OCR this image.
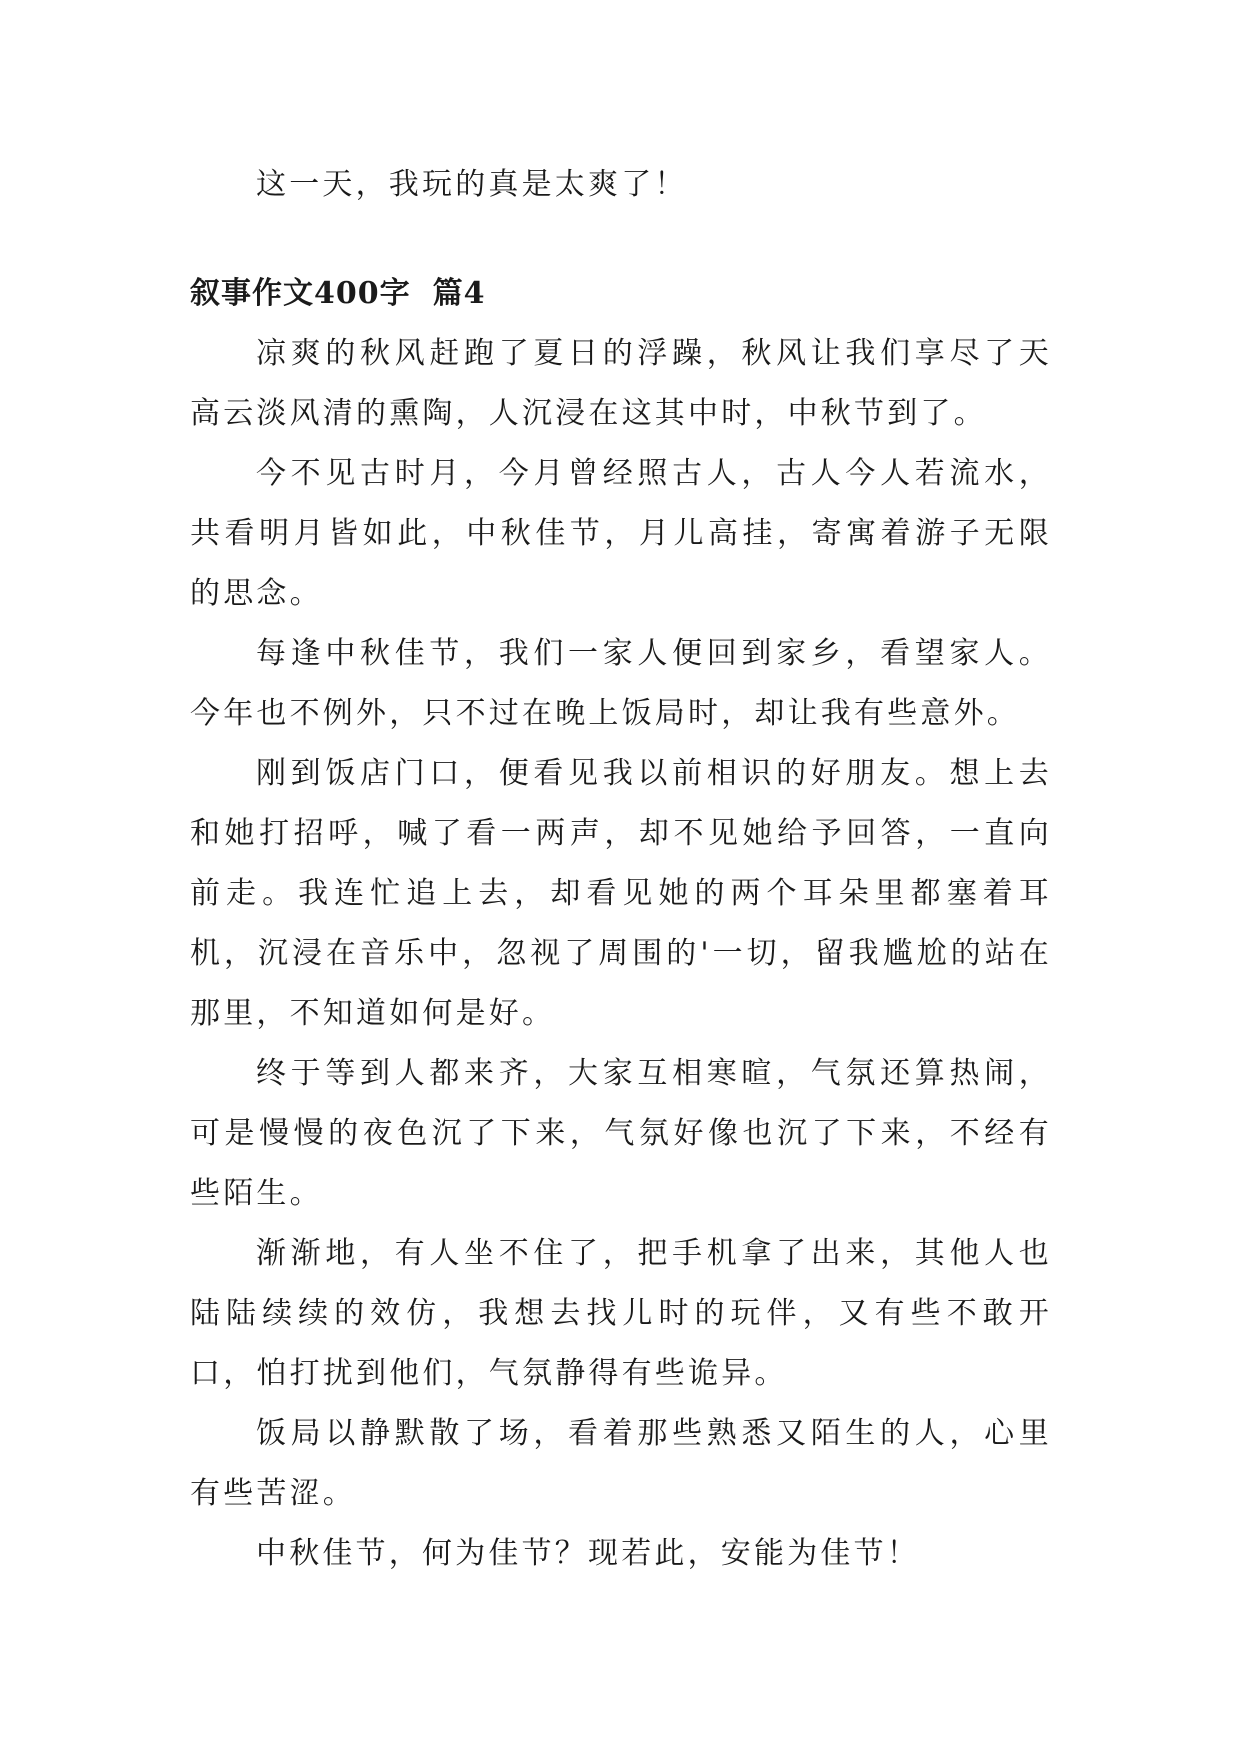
这一天，我玩的真是太爽了！

叙事作文400字 篇4

凉爽的秋风赶跑了夏日的浮躁，秋风让我们享尽了天高云淡风清的熏陶，人沉浸在这其中时，中秋节到了。

今不见古时月，今月曾经照古人，古人今人若流水，共看明月皆如此，中秋佳节，月儿高挂，寄寓着游子无限的思念。

每逢中秋佳节，我们一家人便回到家乡，看望家人。今年也不例外，只不过在晚上饭局时，却让我有些意外。

刚到饭店门口，便看见我以前相识的好朋友。想上去和她打招呼，喊了看一两声，却不见她给予回答，一直向前走。我连忙追上去，却看见她的两个耳朵里都塞着耳机，沉浸在音乐中，忽视了周围的'一切，留我尴尬的站在那里，不知道如何是好。

终于等到人都来齐，大家互相寒暄，气氛还算热闹，可是慢慢的夜色沉了下来，气氛好像也沉了下来，不经有些陌生。

渐渐地，有人坐不住了，把手机拿了出来，其他人也陆陆续续的效仿，我想去找儿时的玩伴，又有些不敢开口，怕打扰到他们，气氛静得有些诡异。

饭局以静默散了场，看着那些熟悉又陌生的人，心里有些苦涩。

中秋佳节，何为佳节？现若此，安能为佳节！
